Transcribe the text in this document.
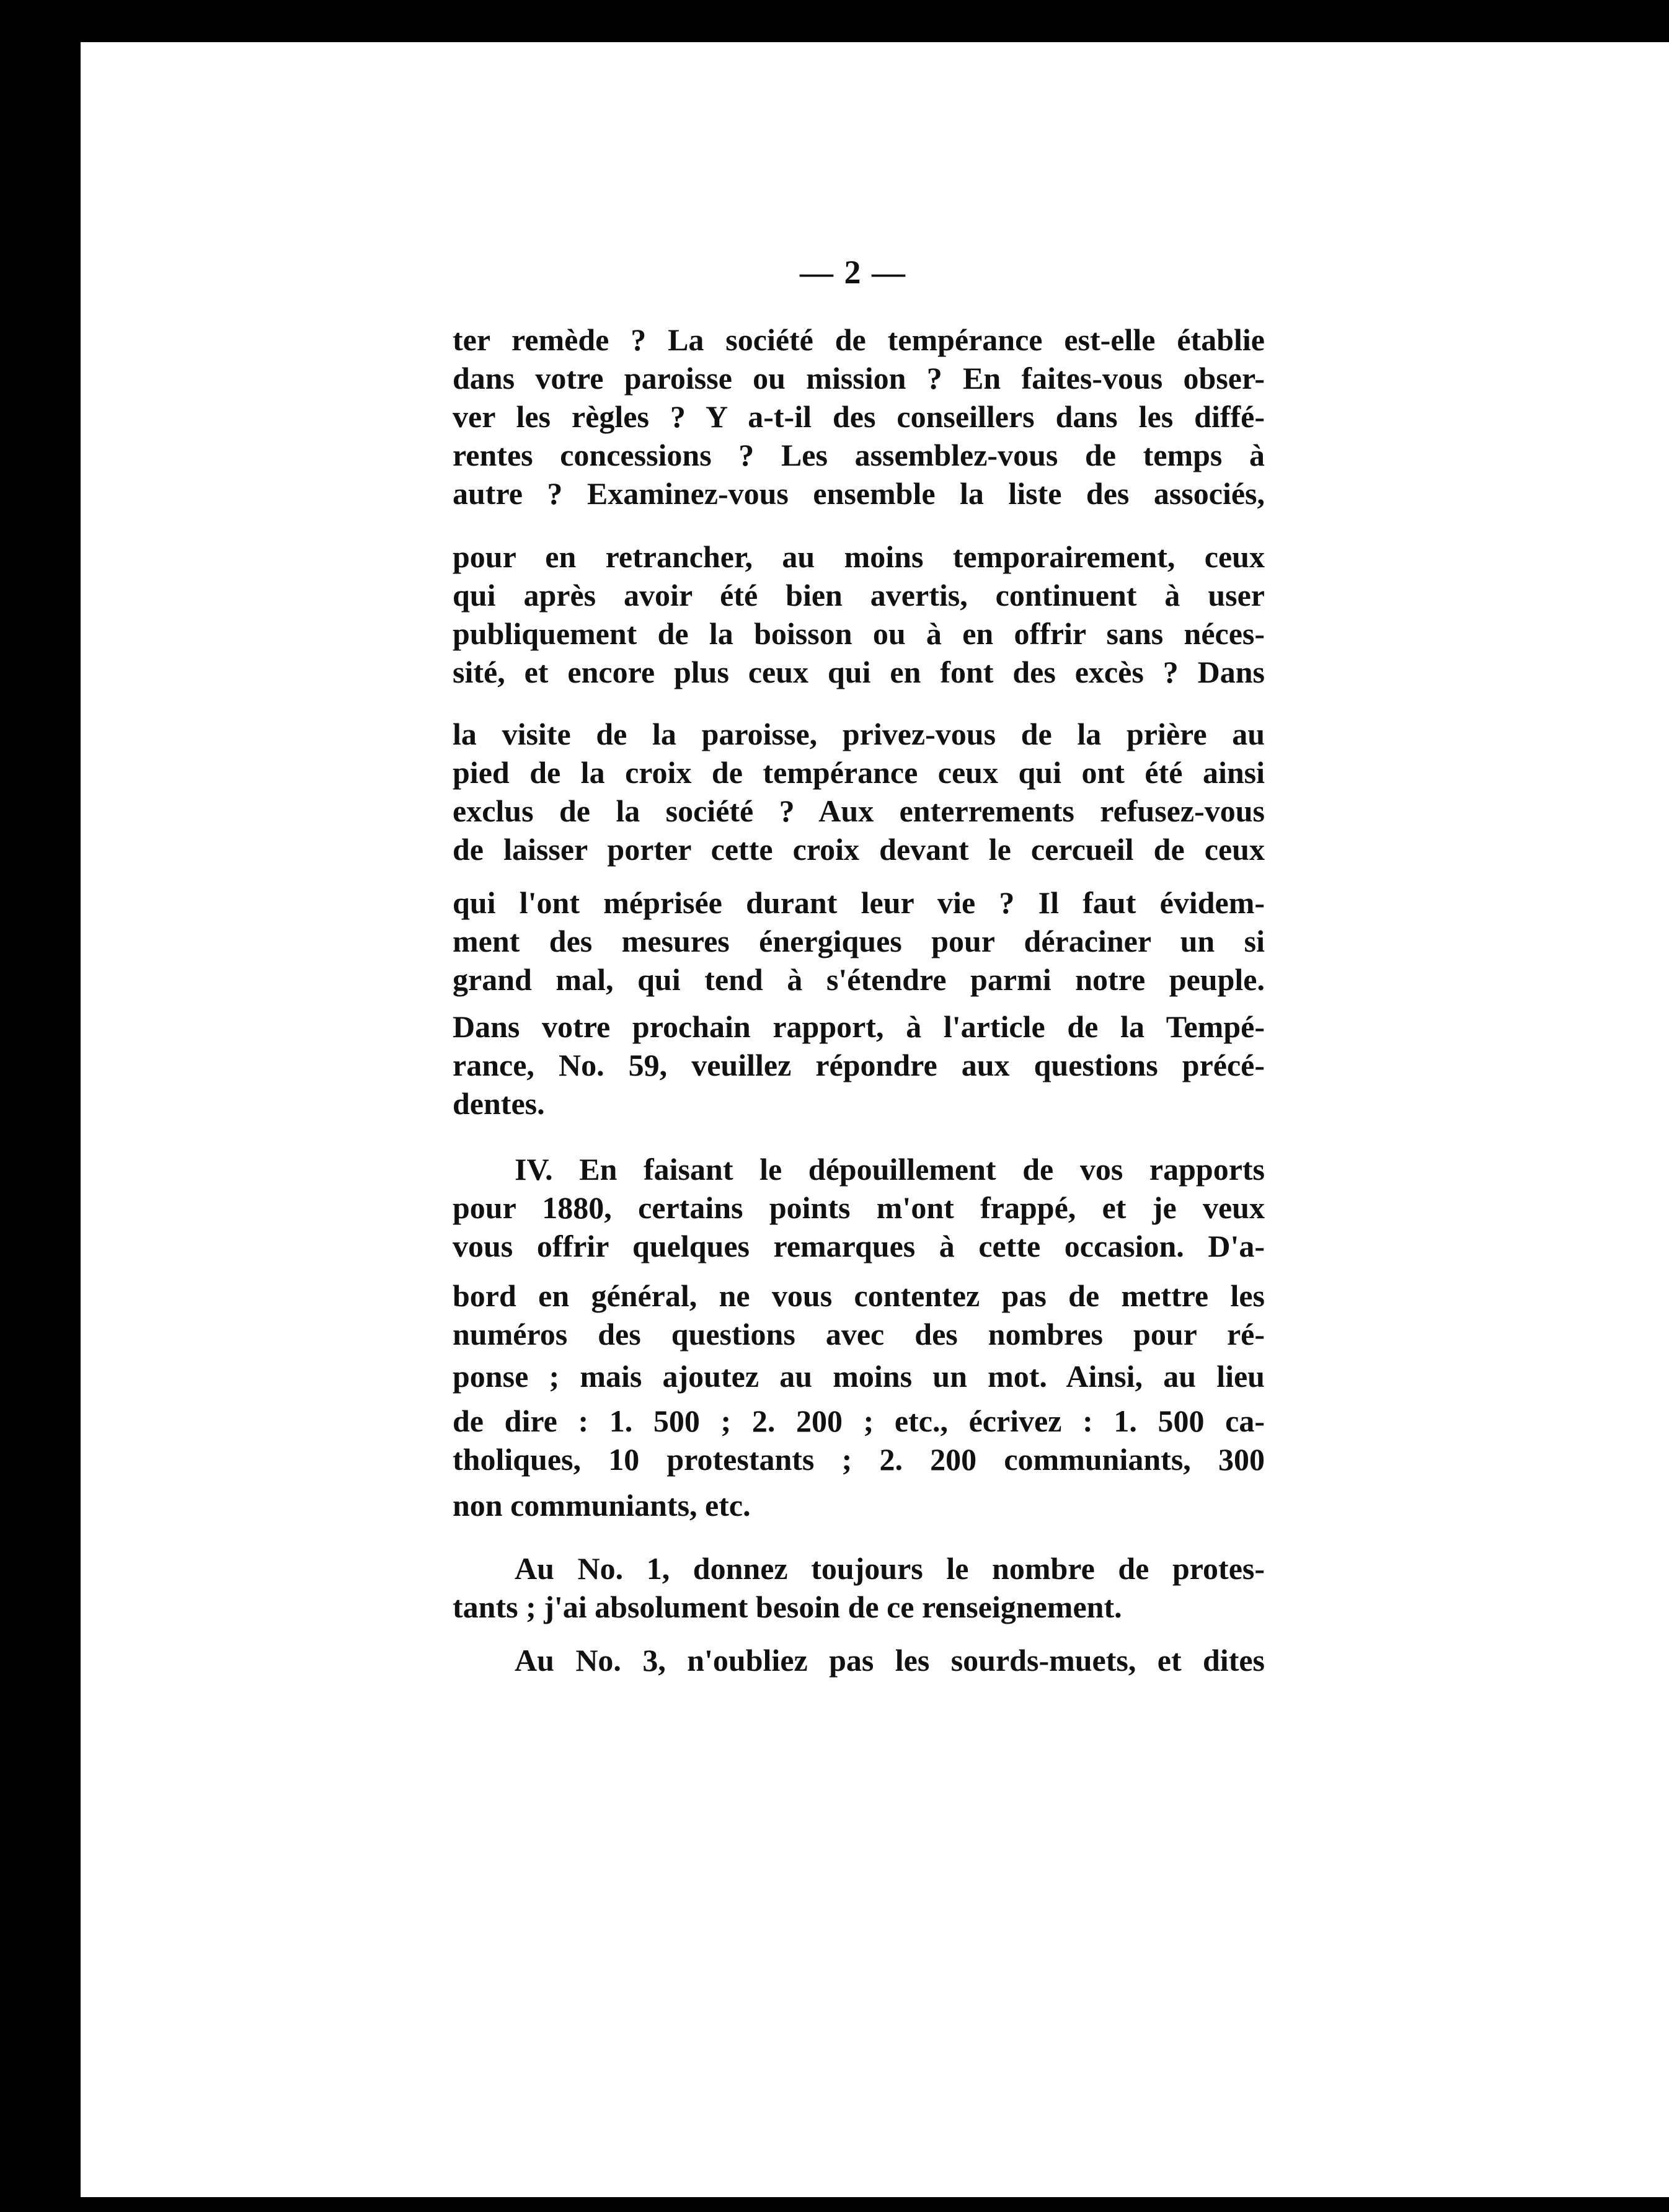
— 2 —
ter remède ? La société de tempérance est-elle établie
dans votre paroisse ou mission ? En faites-vous obser-
ver les règles ? Y a-t-il des conseillers dans les diffé-
rentes concessions ? Les assemblez-vous de temps à
autre ? Examinez-vous ensemble la liste des associés,
pour en retrancher, au moins temporairement, ceux
qui après avoir été bien avertis, continuent à user
publiquement de la boisson ou à en offrir sans néces-
sité, et encore plus ceux qui en font des excès ? Dans
la visite de la paroisse, privez-vous de la prière au
pied de la croix de tempérance ceux qui ont été ainsi
exclus de la société ? Aux enterrements refusez-vous
de laisser porter cette croix devant le cercueil de ceux
qui l'ont méprisée durant leur vie ? Il faut évidem-
ment des mesures énergiques pour déraciner un si
grand mal, qui tend à s'étendre parmi notre peuple.
Dans votre prochain rapport, à l'article de la Tempé-
rance, No. 59, veuillez répondre aux questions précé-
dentes.
IV. En faisant le dépouillement de vos rapports
pour 1880, certains points m'ont frappé, et je veux
vous offrir quelques remarques à cette occasion. D'a-
bord en général, ne vous contentez pas de mettre les
numéros des questions avec des nombres pour ré-
ponse ; mais ajoutez au moins un mot. Ainsi, au lieu
de dire : 1. 500 ; 2. 200 ; etc., écrivez : 1. 500 ca-
tholiques, 10 protestants ; 2. 200 communiants, 300
non communiants, etc.
Au No. 1, donnez toujours le nombre de protes-
tants ; j'ai absolument besoin de ce renseignement.
Au No. 3, n'oubliez pas les sourds-muets, et dites
